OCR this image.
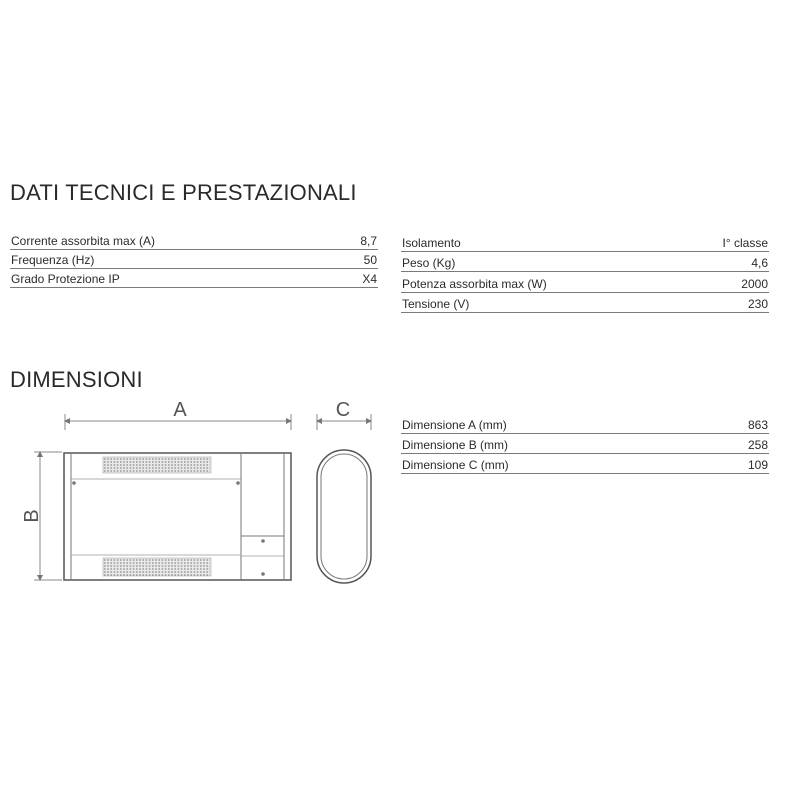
DATI TECNICI E PRESTAZIONALI
Corrente assorbita max (A)	8,7
Frequenza (Hz)	50
Grado Protezione IP	X4
Isolamento	I° classe
Peso (Kg)	4,6
Potenza assorbita max (W)	2000
Tensione (V)	230
DIMENSIONI
A	C
B
Dimensione A (mm)	863
Dimensione B (mm)	258
Dimensione C (mm)	109
